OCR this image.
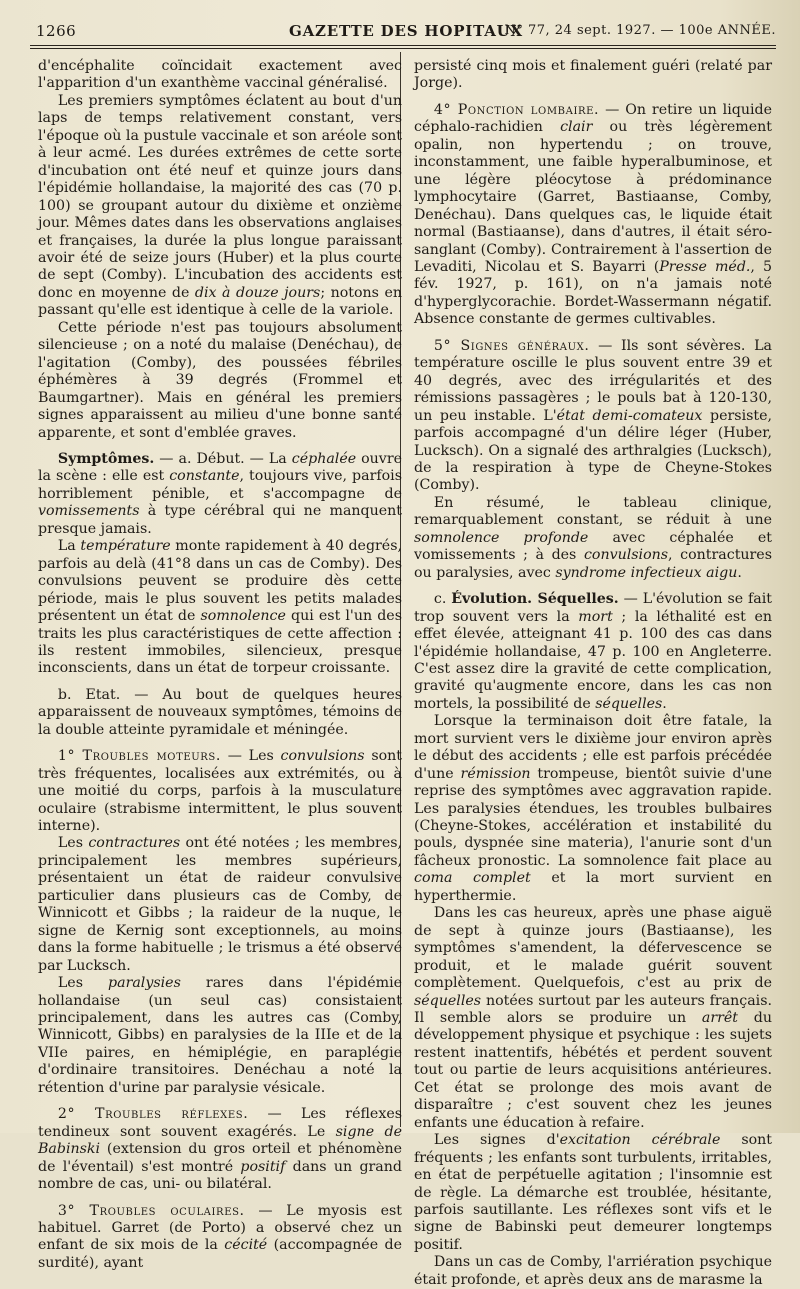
1266	GAZETTE DES HOPITAUX
N° 77, 24 sept. 1927. — 100e ANNÉE.

d'encéphalite coïncidait exactement avec l'apparition d'un exanthème vaccinal généralisé.

Les premiers symptômes éclatent au bout d'un laps de temps relativement constant, vers l'époque où la pustule vaccinale et son aréole sont à leur acmé. Les durées extrêmes de cette sorte d'incubation ont été neuf et quinze jours dans l'épidémie hollandaise, la majorité des cas (70 p. 100) se groupant autour du dixième et onzième jour. Mêmes dates dans les observations anglaises et françaises, la durée la plus longue paraissant avoir été de seize jours (Huber) et la plus courte de sept (Comby). L'incubation des accidents est donc en moyenne de dix à douze jours; notons en passant qu'elle est identique à celle de la variole.

Cette période n'est pas toujours absolument silencieuse ; on a noté du malaise (Denéchau), de l'agitation (Comby), des poussées fébriles éphémères à 39 degrés (Frommel et Baumgartner). Mais en général les premiers signes apparaissent au milieu d'une bonne santé apparente, et sont d'emblée graves.

Symptômes. — a. Début. — La céphalée ouvre la scène : elle est constante, toujours vive, parfois horriblement pénible, et s'accompagne de vomissements à type cérébral qui ne manquent presque jamais.

La température monte rapidement à 40 degrés, parfois au delà (41°8 dans un cas de Comby). Des convulsions peuvent se produire dès cette période, mais le plus souvent les petits malades présentent un état de somnolence qui est l'un des traits les plus caractéristiques de cette affection : ils restent immobiles, silencieux, presque inconscients, dans un état de torpeur croissante.

b. Etat. — Au bout de quelques heures apparaissent de nouveaux symptômes, témoins de la double atteinte pyramidale et méningée.

1° Troubles moteurs. — Les convulsions sont très fréquentes, localisées aux extrémités, ou à une moitié du corps, parfois à la musculature oculaire (strabisme intermittent, le plus souvent interne).

Les contractures ont été notées ; les membres, principalement les membres supérieurs, présentaient un état de raideur convulsive particulier dans plusieurs cas de Comby, de Winnicott et Gibbs ; la raideur de la nuque, le signe de Kernig sont exceptionnels, au moins dans la forme habituelle ; le trismus a été observé par Lucksch.

Les paralysies rares dans l'épidémie hollandaise (un seul cas) consistaient principalement, dans les autres cas (Comby, Winnicott, Gibbs) en paralysies de la IIIe et de la VIIe paires, en hémiplégie, en paraplégie d'ordinaire transitoires. Denéchau a noté la rétention d'urine par paralysie vésicale.

2° Troubles réflexes. — Les réflexes tendineux sont souvent exagérés. Le signe de Babinski (extension du gros orteil et phénomène de l'éventail) s'est montré positif dans un grand nombre de cas, uni- ou bilatéral.

3° Troubles oculaires. — Le myosis est habituel. Garret (de Porto) a observé chez un enfant de six mois de la cécité (accompagnée de surdité), ayant

persisté cinq mois et finalement guéri (relaté par Jorge).

4° Ponction lombaire. — On retire un liquide céphalo-rachidien clair ou très légèrement opalin, non hypertendu ; on trouve, inconstamment, une faible hyperalbuminose, et une légère pléocytose à prédominance lymphocytaire (Garret, Bastiaanse, Comby, Denéchau). Dans quelques cas, le liquide était normal (Bastiaanse), dans d'autres, il était séro-sanglant (Comby). Contrairement à l'assertion de Levaditi, Nicolau et S. Bayarri (Presse méd., 5 fév. 1927, p. 161), on n'a jamais noté d'hyperglycorachie. Bordet-Wassermann négatif. Absence constante de germes cultivables.

5° Signes généraux. — Ils sont sévères. La température oscille le plus souvent entre 39 et 40 degrés, avec des irrégularités et des rémissions passagères ; le pouls bat à 120-130, un peu instable. L'état demi-comateux persiste, parfois accompagné d'un délire léger (Huber, Lucksch). On a signalé des arthralgies (Lucksch), de la respiration à type de Cheyne-Stokes (Comby).

En résumé, le tableau clinique, remarquablement constant, se réduit à une somnolence profonde avec céphalée et vomissements ; à des convulsions, contractures ou paralysies, avec syndrome infectieux aigu.

c. Évolution. Séquelles. — L'évolution se fait trop souvent vers la mort ; la léthalité est en effet élevée, atteignant 41 p. 100 des cas dans l'épidémie hollandaise, 47 p. 100 en Angleterre. C'est assez dire la gravité de cette complication, gravité qu'augmente encore, dans les cas non mortels, la possibilité de séquelles.

Lorsque la terminaison doit être fatale, la mort survient vers le dixième jour environ après le début des accidents ; elle est parfois précédée d'une rémission trompeuse, bientôt suivie d'une reprise des symptômes avec aggravation rapide. Les paralysies étendues, les troubles bulbaires (Cheyne-Stokes, accélération et instabilité du pouls, dyspnée sine materia), l'anurie sont d'un fâcheux pronostic. La somnolence fait place au coma complet et la mort survient en hyperthermie.

Dans les cas heureux, après une phase aiguë de sept à quinze jours (Bastiaanse), les symptômes s'amendent, la défervescence se produit, et le malade guérit souvent complètement. Quelquefois, c'est au prix de séquelles notées surtout par les auteurs français. Il semble alors se produire un arrêt du développement physique et psychique : les sujets restent inattentifs, hébétés et perdent souvent tout ou partie de leurs acquisitions antérieures. Cet état se prolonge des mois avant de disparaître ; c'est souvent chez les jeunes enfants une éducation à refaire.

Les signes d'excitation cérébrale sont fréquents ; les enfants sont turbulents, irritables, en état de perpétuelle agitation ; l'insomnie est de règle. La démarche est troublée, hésitante, parfois sautillante. Les réflexes sont vifs et le signe de Babinski peut demeurer longtemps positif.

Dans un cas de Comby, l'arriération psychique était profonde, et après deux ans de marasme la
